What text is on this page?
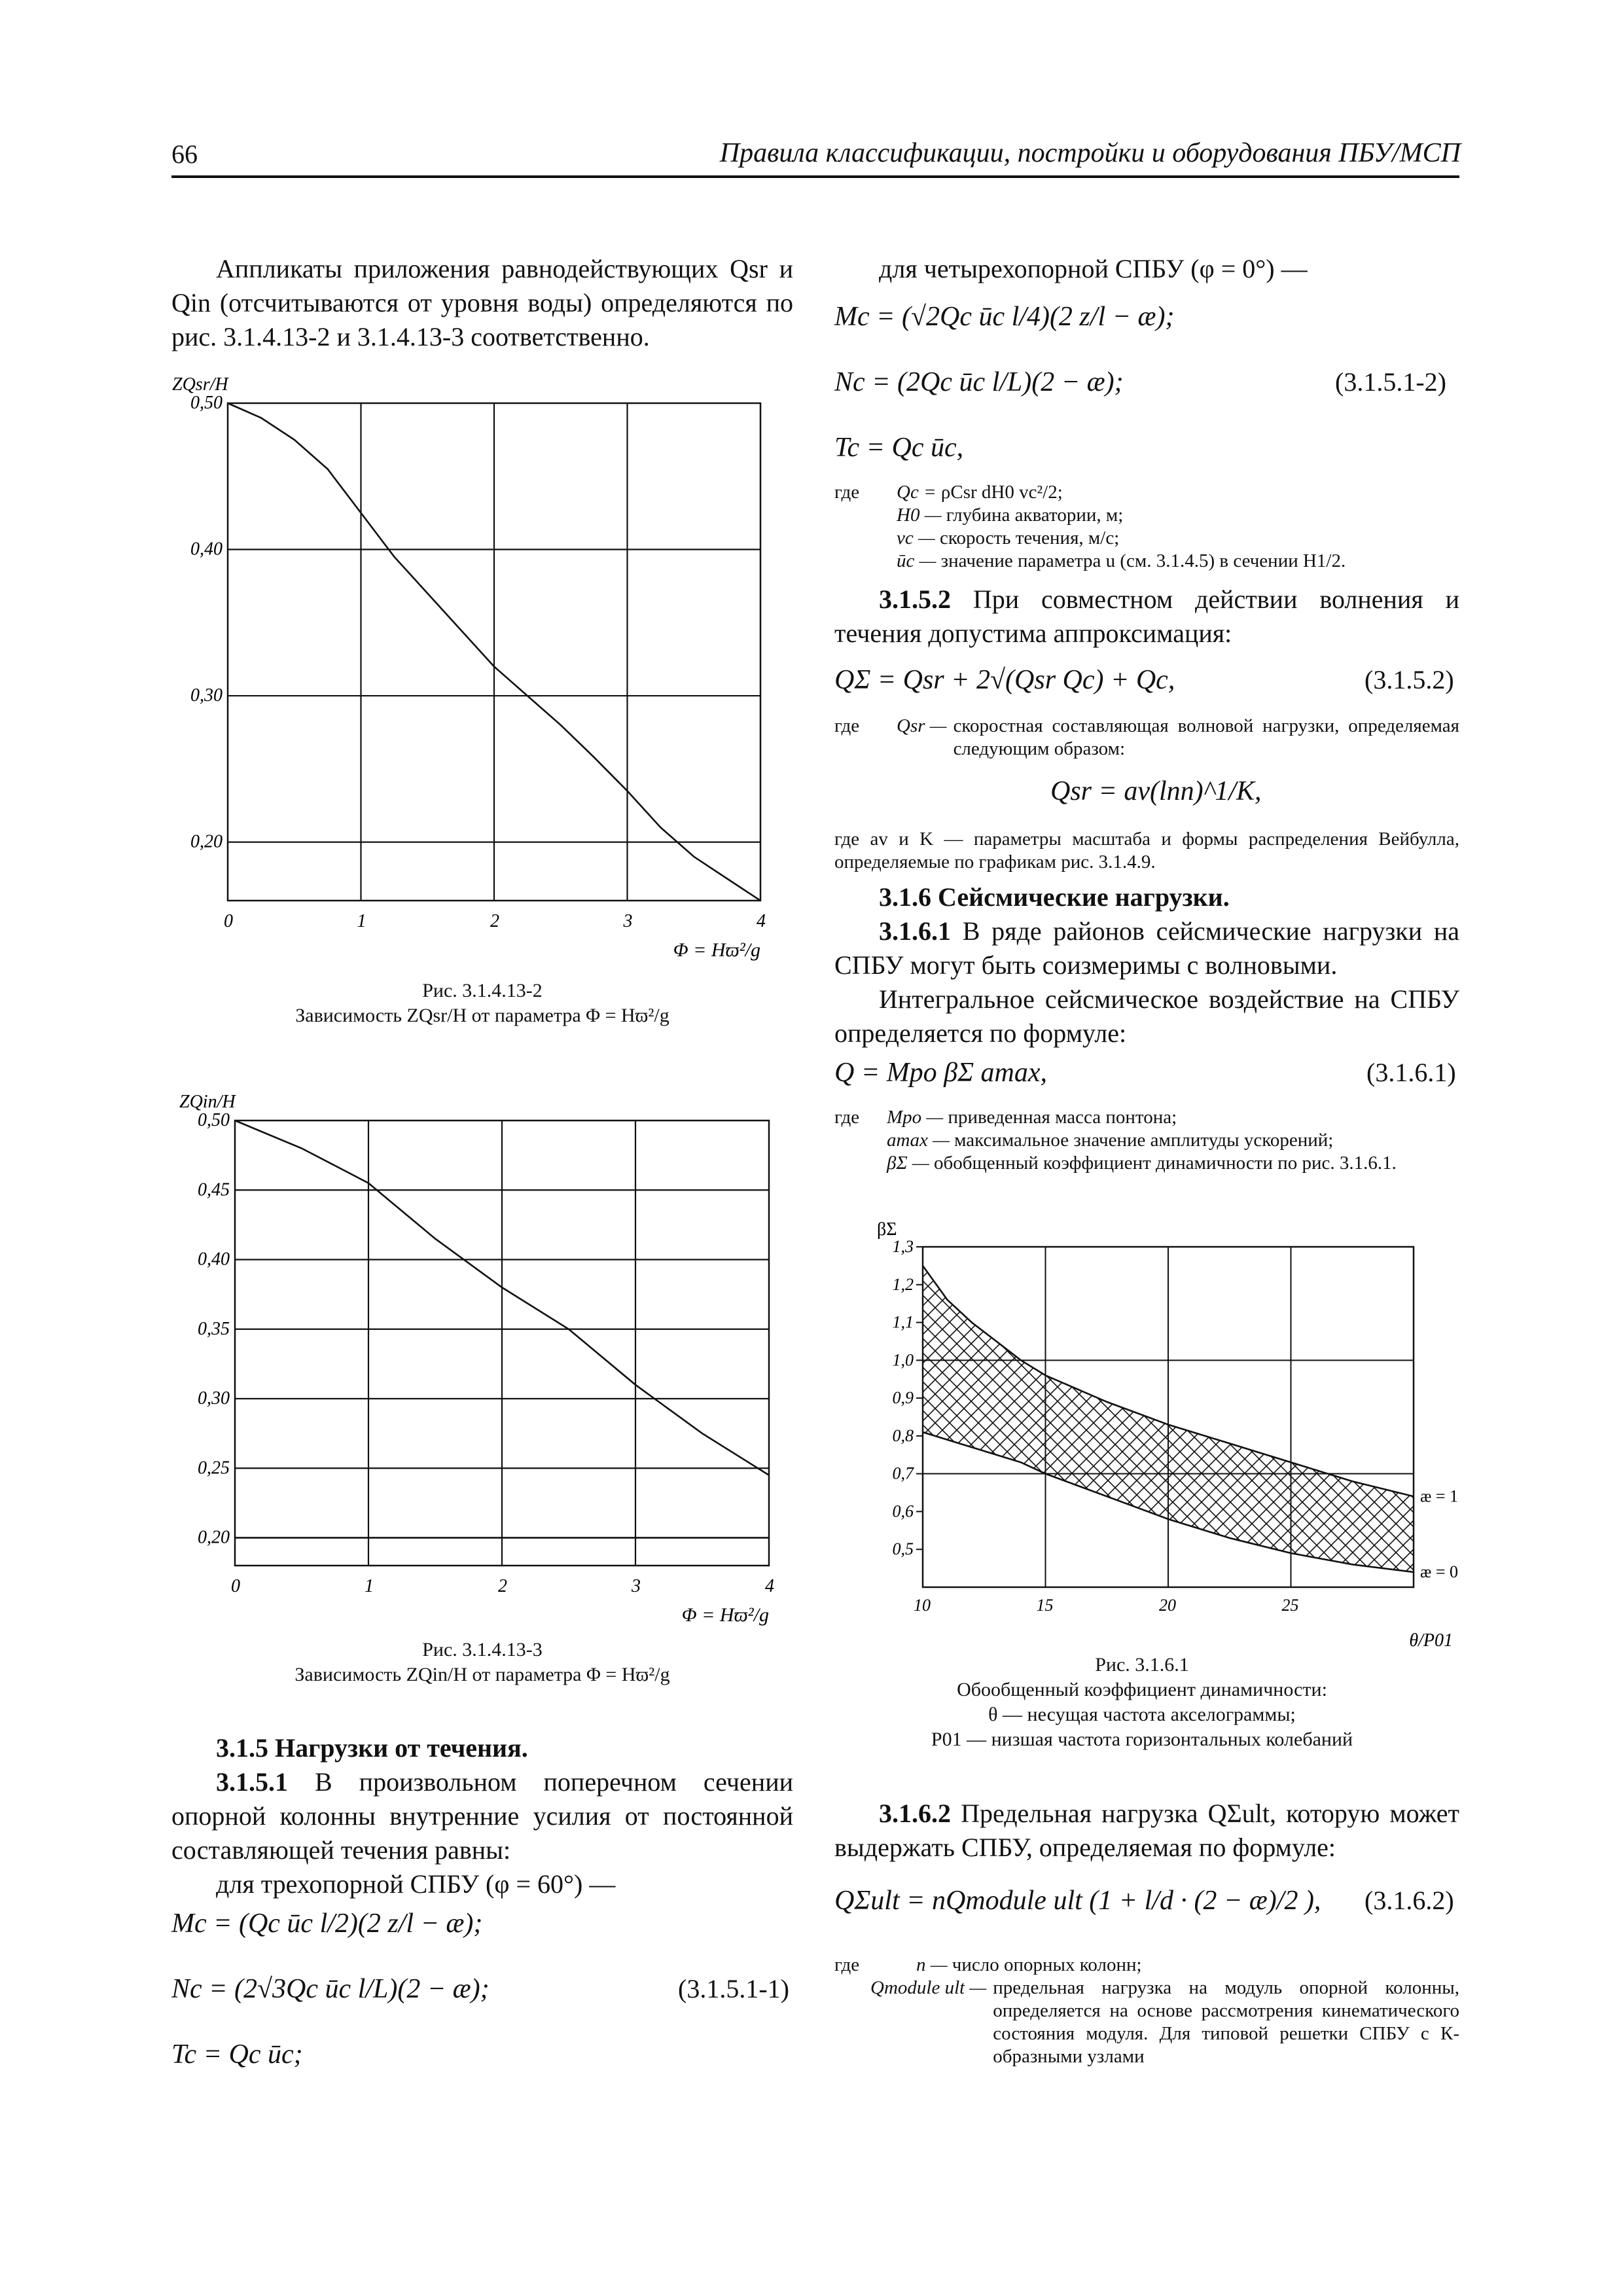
66	Правила классификации, постройки и оборудования ПБУ/МСП

Аппликаты приложения равнодействующих Qsr и Qin (отсчитываются от уровня воды) определяются по рис. 3.1.4.13-2 и 3.1.4.13-3 соответственно.

0	1	2	3	4
0,20
0,30
0,40
0,50
ZQsr/H
Φ = Hϖ²/g
Рис. 3.1.4.13-2
Зависимость ZQsr/H от параметра Φ = Hϖ²/g
0	1	2	3	4
0,20
0,25
0,30
0,35
0,40
0,45
0,50
ZQin/H
Φ = Hϖ²/g
Рис. 3.1.4.13-3
Зависимость ZQin/H от параметра Φ = Hϖ²/g

3.1.5 Нагрузки от течения.

3.1.5.1 В произвольном поперечном сечении опорной колонны внутренние усилия от постоянной составляющей течения равны:

для трехопорной СПБУ (φ = 60°) —

Mc = (Qc ūc l/2)(2 z/l − æ);
Nc = (2√3Qc ūc l/L)(2 − æ);	(3.1.5.1-1)
Tc = Qc ūc;

для четырехопорной СПБУ (φ = 0°) —

Mc = (√2Qc ūc l/4)(2 z/l − æ);
Nc = (2Qc ūc l/L)(2 − æ);	(3.1.5.1-2)
Tc = Qc ūc,
где Qc = ρCsr dH0 vc²/2;
H0 — глубина акватории, м;
vc — скорость течения, м/с;
ūc — значение параметра u (см. 3.1.4.5) в сечении H1/2.

3.1.5.2 При совместном действии волнения и течения допустима аппроксимация:

QΣ = Qsr + 2√(Qsr Qc) + Qc,	(3.1.5.2)
где Qsr — скоростная составляющая волновой нагрузки, определяемая следующим образом:
Qsr = av(lnn)^1/K,
где av и K — параметры масштаба и формы распределения Вейбулла, определяемые по графикам рис. 3.1.4.9.

3.1.6 Сейсмические нагрузки.

3.1.6.1 В ряде районов сейсмические нагрузки на СПБУ могут быть соизмеримы с волновыми.

Интегральное сейсмическое воздействие на СПБУ определяется по формуле:

Q = Mpo βΣ amax,	(3.1.6.1)
где Mpo — приведенная масса понтона;
amax — максимальное значение амплитуды ускорений;
βΣ — обобщенный коэффициент динамичности по рис. 3.1.6.1.
10	15	20	25
0,5
0,6
0,7
0,8
0,9
1,0
1,1
1,2
1,3
βΣ
θ/P01
æ = 1
æ = 0
Рис. 3.1.6.1
Обообщенный коэффициент динамичности:
θ — несущая частота акселограммы;
P01 — низшая частота горизонтальных колебаний

3.1.6.2 Предельная нагрузка QΣult, которую может выдержать СПБУ, определяемая по формуле:

QΣult = nQmodule ult (1 + l/d · (2 − æ)/2 ), (3.1.6.2)
где	n — число опорных колонн;
Qmodule ult — предельная нагрузка на модуль опорной колонны, определяется на основе рассмотрения кинематического состояния модуля. Для типовой решетки СПБУ с К-образными узлами
